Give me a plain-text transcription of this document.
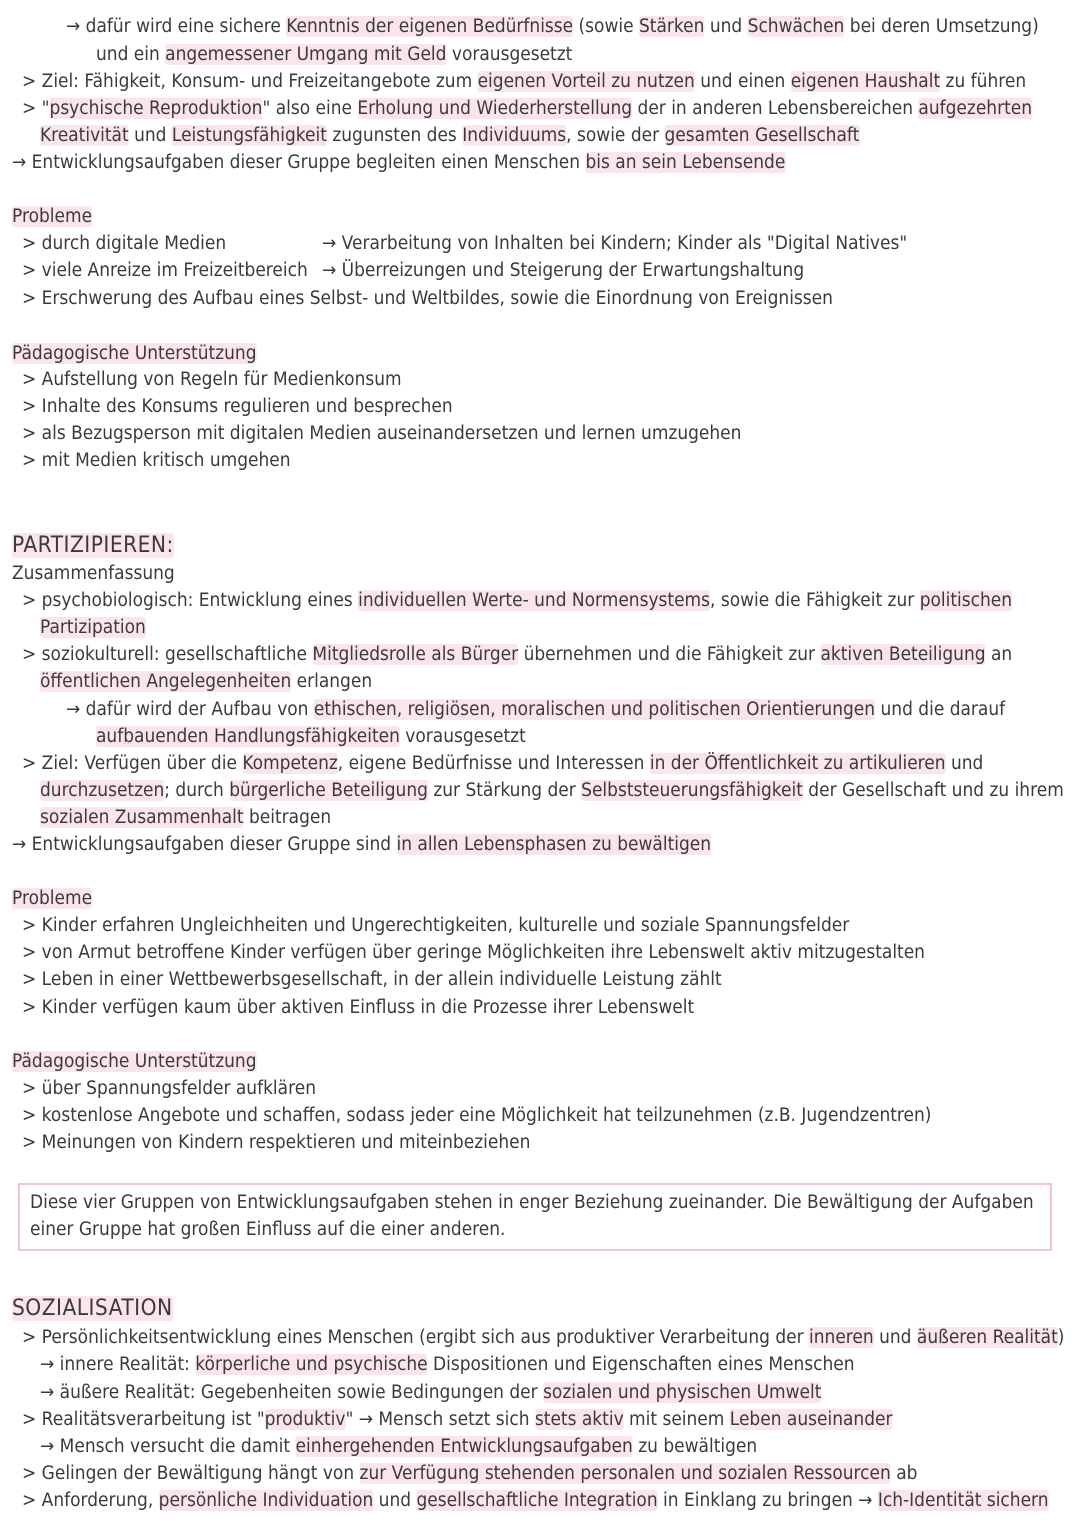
→ dafür wird eine sichere Kenntnis der eigenen Bedürfnisse (sowie Stärken und Schwächen bei deren Umsetzung)
und ein angemessener Umgang mit Geld vorausgesetzt
> Ziel: Fähigkeit, Konsum- und Freizeitangebote zum eigenen Vorteil zu nutzen und einen eigenen Haushalt zu führen
> "psychische Reproduktion" also eine Erholung und Wiederherstellung der in anderen Lebensbereichen aufgezehrten
Kreativität und Leistungsfähigkeit zugunsten des Individuums, sowie der gesamten Gesellschaft
→ Entwicklungsaufgaben dieser Gruppe begleiten einen Menschen bis an sein Lebensende
Probleme
> durch digitale Medien	→ Verarbeitung von Inhalten bei Kindern; Kinder als "Digital Natives"
> viele Anreize im Freizeitbereich → Überreizungen und Steigerung der Erwartungshaltung
> Erschwerung des Aufbau eines Selbst- und Weltbildes, sowie die Einordnung von Ereignissen
Pädagogische Unterstützung
> Aufstellung von Regeln für Medienkonsum
> Inhalte des Konsums regulieren und besprechen
> als Bezugsperson mit digitalen Medien auseinandersetzen und lernen umzugehen
> mit Medien kritisch umgehen
PARTIZIPIEREN:
Zusammenfassung
> psychobiologisch: Entwicklung eines individuellen Werte- und Normensystems, sowie die Fähigkeit zur politischen
Partizipation
> soziokulturell: gesellschaftliche Mitgliedsrolle als Bürger übernehmen und die Fähigkeit zur aktiven Beteiligung an
öffentlichen Angelegenheiten erlangen
→ dafür wird der Aufbau von ethischen, religiösen, moralischen und politischen Orientierungen und die darauf
aufbauenden Handlungsfähigkeiten vorausgesetzt
> Ziel: Verfügen über die Kompetenz, eigene Bedürfnisse und Interessen in der Öffentlichkeit zu artikulieren und
durchzusetzen; durch bürgerliche Beteiligung zur Stärkung der Selbststeuerungsfähigkeit der Gesellschaft und zu ihrem
sozialen Zusammenhalt beitragen
→ Entwicklungsaufgaben dieser Gruppe sind in allen Lebensphasen zu bewältigen
Probleme
> Kinder erfahren Ungleichheiten und Ungerechtigkeiten, kulturelle und soziale Spannungsfelder
> von Armut betroffene Kinder verfügen über geringe Möglichkeiten ihre Lebenswelt aktiv mitzugestalten
> Leben in einer Wettbewerbsgesellschaft, in der allein individuelle Leistung zählt
> Kinder verfügen kaum über aktiven Einfluss in die Prozesse ihrer Lebenswelt
Pädagogische Unterstützung
> über Spannungsfelder aufklären
> kostenlose Angebote und schaffen, sodass jeder eine Möglichkeit hat teilzunehmen (z.B. Jugendzentren)
> Meinungen von Kindern respektieren und miteinbeziehen
Diese vier Gruppen von Entwicklungsaufgaben stehen in enger Beziehung zueinander. Die Bewältigung der Aufgaben
einer Gruppe hat großen Einfluss auf die einer anderen.
SOZIALISATION
> Persönlichkeitsentwicklung eines Menschen (ergibt sich aus produktiver Verarbeitung der inneren und äußeren Realität)
→ innere Realität: körperliche und psychische Dispositionen und Eigenschaften eines Menschen
→ äußere Realität: Gegebenheiten sowie Bedingungen der sozialen und physischen Umwelt
> Realitätsverarbeitung ist "produktiv" → Mensch setzt sich stets aktiv mit seinem Leben auseinander
→ Mensch versucht die damit einhergehenden Entwicklungsaufgaben zu bewältigen
> Gelingen der Bewältigung hängt von zur Verfügung stehenden personalen und sozialen Ressourcen ab
> Anforderung, persönliche Individuation und gesellschaftliche Integration in Einklang zu bringen → Ich-Identität sichern
